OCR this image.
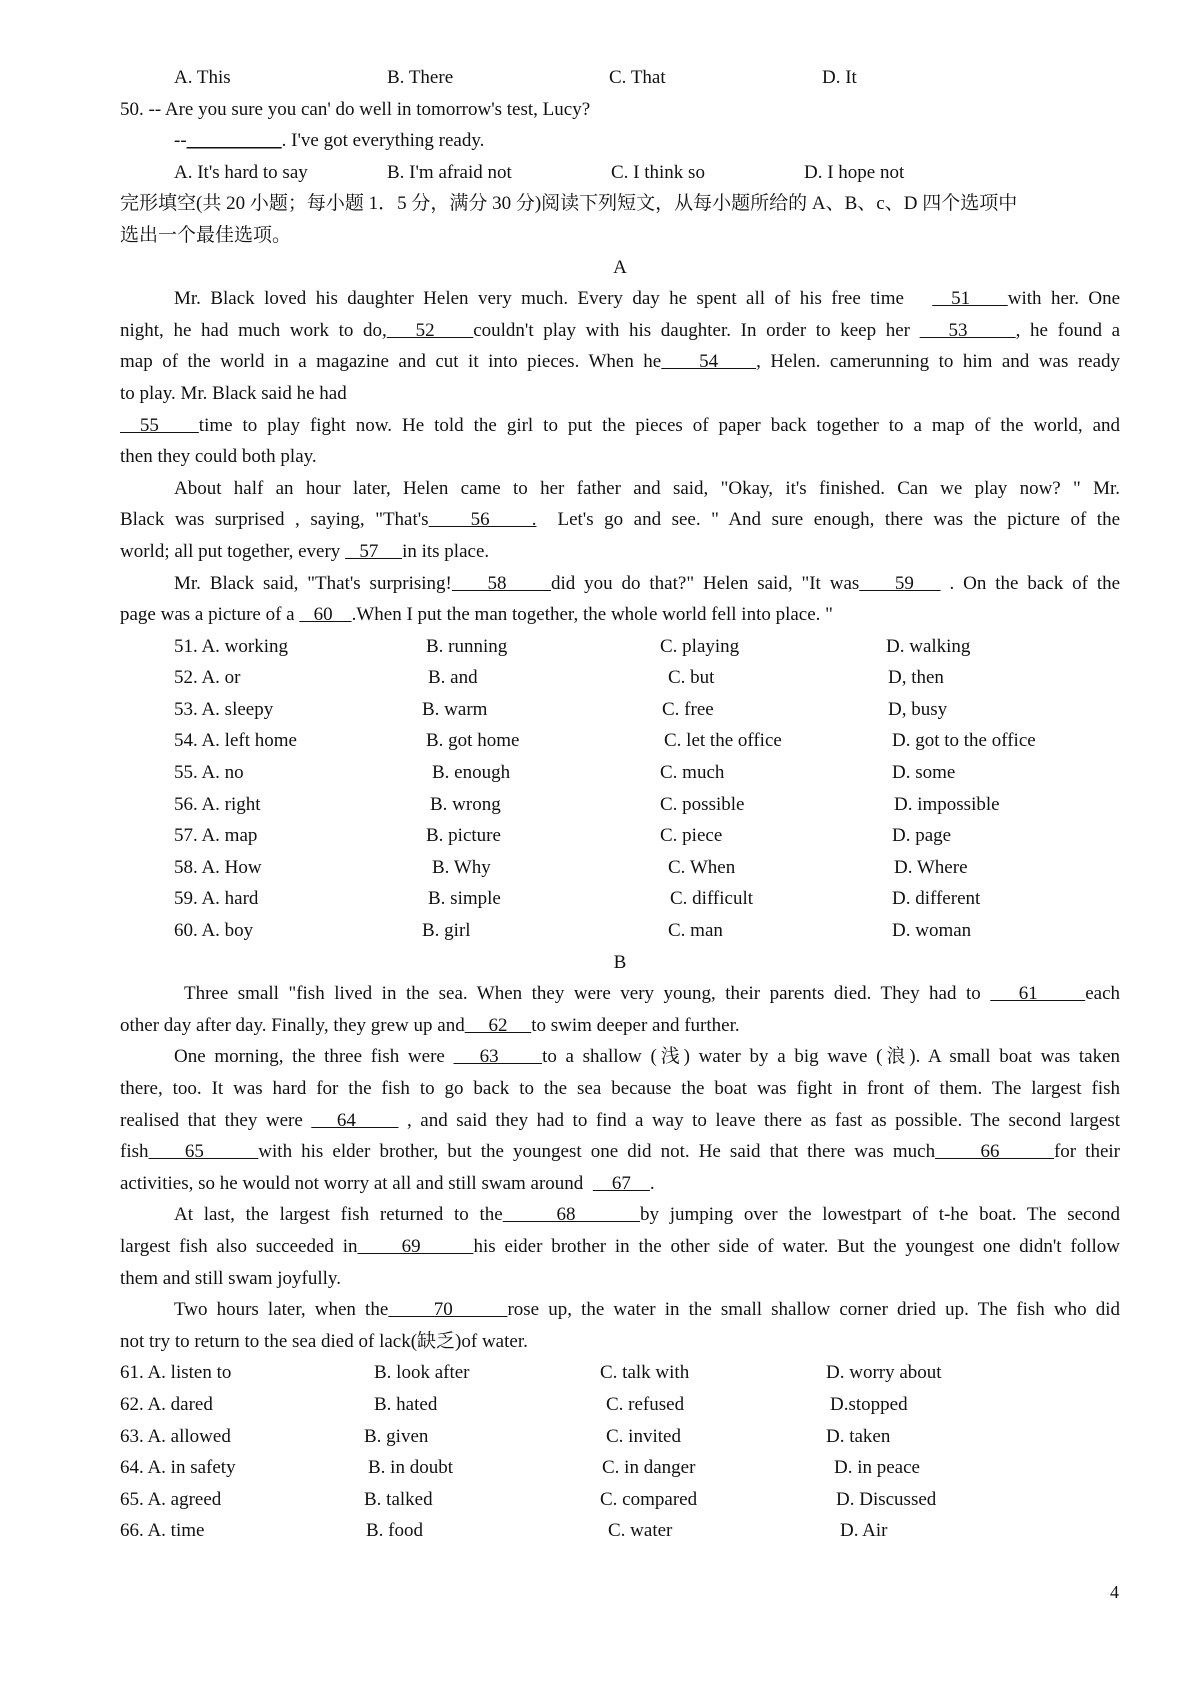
A. This	B. There	C. That	D. It
50. -- Are you sure you can' do well in tomorrow's test, Lucy?
--__________. I've got everything ready.
A. It's hard to say	B. I'm afraid not	C. I think so	D. I hope not
完形填空(共 20 小题；每小题 1．5 分，满分 30 分)阅读下列短文，从每小题所给的 A、B、c、D 四个选项中
选出一个最佳选项。
A
Mr. Black loved his daughter Helen very much. Every day he spent all of his free time     51    with her. One
night, he had much work to do,   52    couldn't play with his daughter. In order to keep her    53     , he found a
map of the world in a magazine and cut it into pieces. When he    54    , Helen. camerunning to him and was ready
to play. Mr. Black said he had
55    time to play fight now. He told the girl to put the pieces of paper back together to a map of the world, and
then they could both play.
About half an hour later, Helen came to her father and said, "Okay, it's finished. Can we play now? " Mr.
Black was surprised , saying, "That's    56    . Let's go and see. " And sure enough, there was the picture of the
world; all put together, every    57     in its place.
Mr. Black said, "That's surprising!    58     did you do that?" Helen said, "It was    59    . On the back of the
page was a picture of a    60    .When I put the man together, the whole world fell into place. "
51. A. working	B. running	C. playing	D. walking
52. A. or	B. and	C. but	D, then
53. A. sleepy	B. warm	C. free	D, busy
54. A. left home	B. got home	C. let the office	D. got to the office
55. A. no	B. enough	C. much	D. some
56. A. right	B. wrong	C. possible	D. impossible
57. A. map	B. picture	C. piece	D. page
58. A. How	B. Why	C. When	D. Where
59. A. hard	B. simple	C. difficult	D. different
60. A. boy	B. girl	C. man	D. woman
B
Three small "fish lived in the sea. When they were very young, their parents died. They had to    61     each
other day after day. Finally, they grew up and     62     to swim deeper and further.
One morning, the three fish were    63     to a shallow (浅) water by a big wave (浪). A small boat was taken
there, too. It was hard for the fish to go back to the sea because the boat was fight in front of them. The largest fish
realised that they were    64      , and said they had to find a way to leave there as fast as possible. The second largest
fish    65      with his elder brother, but the youngest one did not. He said that there was much     66      for their
activities, so he would not worry at all and still swam around      67    .
At last, the largest fish returned to the     68      by jumping over the lowestpart of t-he boat. The second
largest fish also succeeded in     69      his eider brother in the other side of water. But the youngest one didn't follow
them and still swam joyfully.
Two hours later, when the     70      rose up, the water in the small shallow corner dried up. The fish who did
not try to return to the sea died of lack(缺乏)of water.
61. A. listen to	B. look after	C. talk with	D. worry about
62. A. dared	B. hated	C. refused	D.stopped
63. A. allowed	B. given	C. invited	D. taken
64. A. in safety	B. in doubt	C. in danger	D. in peace
65. A. agreed	B. talked	C. compared	D. Discussed
66. A. time	B. food	C. water	D. Air
4
